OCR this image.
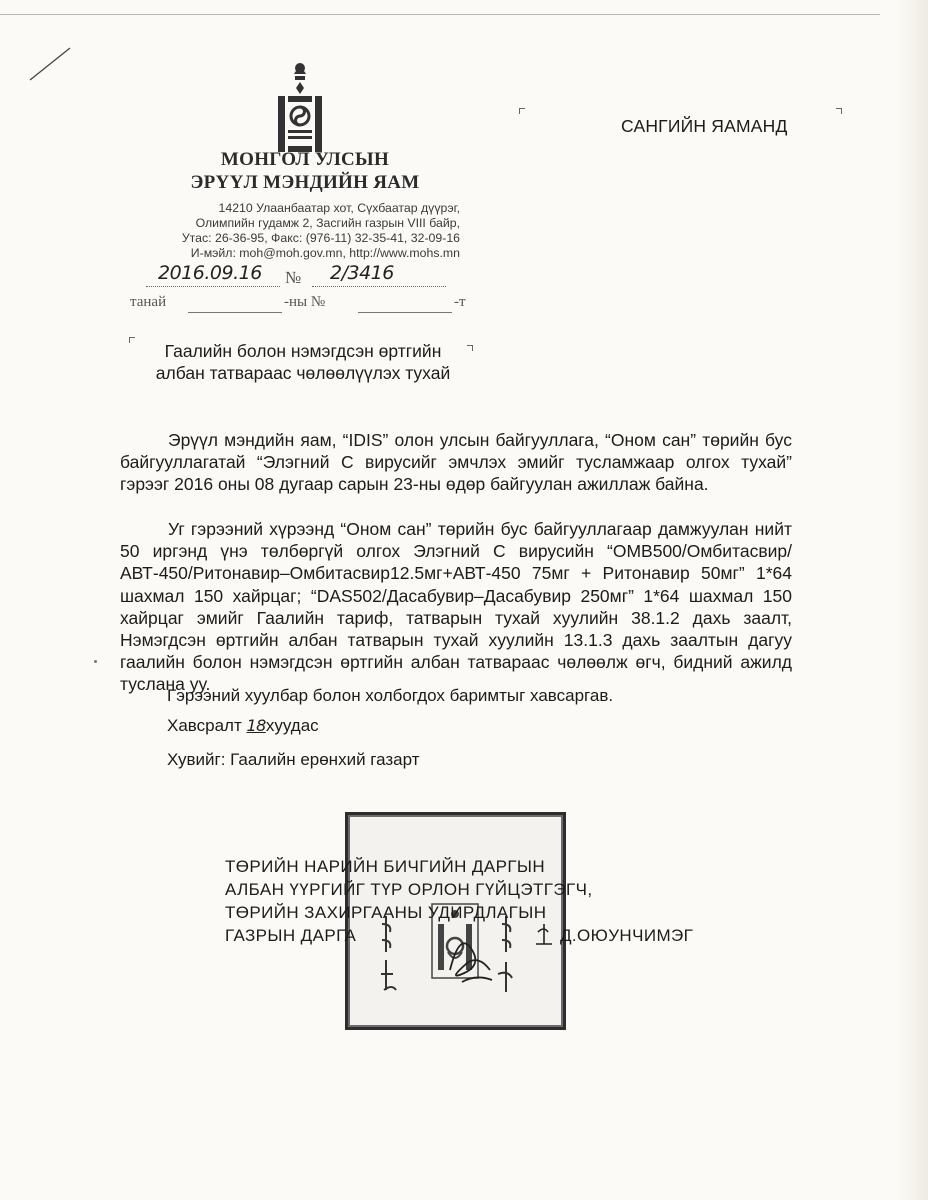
МОНГОЛ УЛСЫН
ЭРҮҮЛ МЭНДИЙН ЯАМ
14210 Улаанбаатар хот, Сүхбаатар дүүрэг,
Олимпийн гудамж 2, Засгийн газрын VIII байр,
Утас: 26-36-95, Факс: (976-11) 32-35-41, 32-09-16
И-мэйл: moh@moh.gov.mn, http://www.mohs.mn
2016.09.16 № 2/3416
танай	-ны №	-т
САНГИЙН ЯАМАНД
Гаалийн болон нэмэгдсэн өртгийн
албан татвараас чөлөөлүүлэх тухай
Эрүүл мэндийн яам, “IDIS” олон улсын байгууллага, “Оном сан” төрийн бус байгууллагатай “Элэгний С вирусийг эмчлэх эмийг тусламжаар олгох тухай” гэрээг 2016 оны 08 дугаар сарын 23-ны өдөр байгуулан ажиллаж байна.
Уг гэрээний хүрээнд “Оном сан” төрийн бус байгууллагаар дамжуулан нийт 50 иргэнд үнэ төлбөргүй олгох Элэгний С вирусийн “ОМВ500/Омбитасвир/АВТ-450/Ритонавир–Омбитасвир12.5мг+АВТ-450 75мг + Ритонавир 50мг” 1*64 шахмал 150 хайрцаг; “DAS502/Дасабувир–Дасабувир 250мг” 1*64 шахмал 150 хайрцаг эмийг Гаалийн тариф, татварын тухай хуулийн 38.1.2 дахь заалт, Нэмэгдсэн өртгийн албан татварын тухай хуулийн 13.1.3 дахь заалтын дагуу гаалийн болон нэмэгдсэн өртгийн албан татвараас чөлөөлж өгч, бидний ажилд туслана уу.
Гэрээний хуулбар болон холбогдох баримтыг хавсаргав.
Хавсралт 18хуудас
Хувийг: Гаалийн ерөнхий газарт
ТӨРИЙН НАРИЙН БИЧГИЙН ДАРГЫН
АЛБАН ҮҮРГИЙГ ТҮР ОРЛОН ГҮЙЦЭТГЭГЧ,
ТӨРИЙН ЗАХИРГААНЫ УДИРДЛАГЫН
ГАЗРЫН ДАРГА	Д.ОЮУНЧИМЭГ
